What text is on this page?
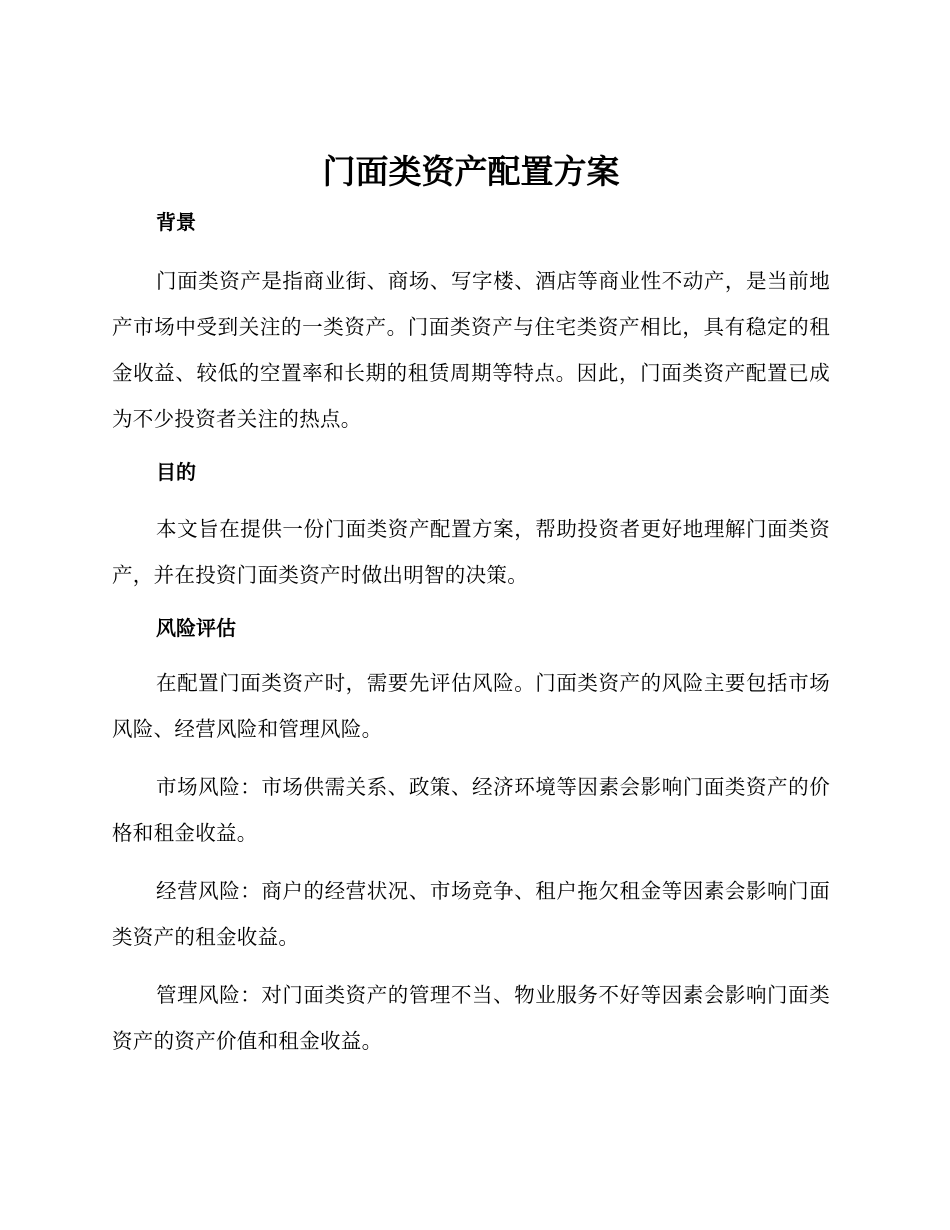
门面类资产配置方案
背景

门面类资产是指商业街、商场、写字楼、酒店等商业性不动产，是当前地产市场中受到关注的一类资产。门面类资产与住宅类资产相比，具有稳定的租金收益、较低的空置率和长期的租赁周期等特点。因此，门面类资产配置已成为不少投资者关注的热点。

目的

本文旨在提供一份门面类资产配置方案，帮助投资者更好地理解门面类资产，并在投资门面类资产时做出明智的决策。

风险评估

在配置门面类资产时，需要先评估风险。门面类资产的风险主要包括市场风险、经营风险和管理风险。

市场风险：市场供需关系、政策、经济环境等因素会影响门面类资产的价格和租金收益。

经营风险：商户的经营状况、市场竞争、租户拖欠租金等因素会影响门面类资产的租金收益。

管理风险：对门面类资产的管理不当、物业服务不好等因素会影响门面类资产的资产价值和租金收益。
